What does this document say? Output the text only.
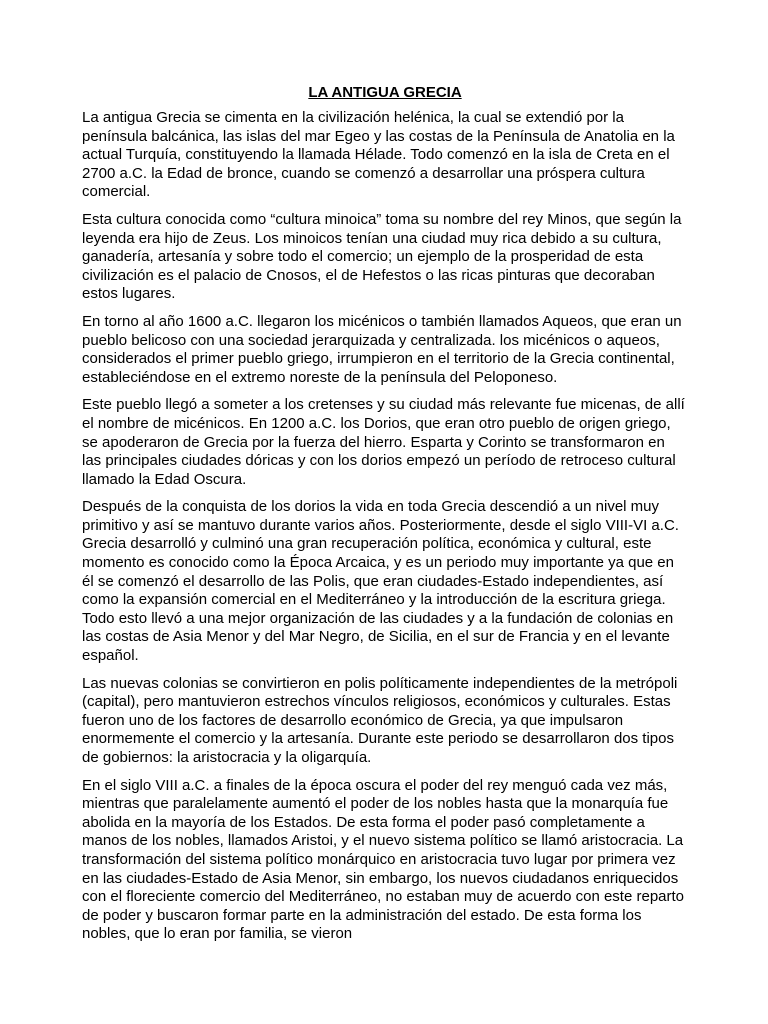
LA ANTIGUA GRECIA

La antigua Grecia se cimenta en la civilización helénica, la cual se extendió por la península balcánica, las islas del mar Egeo y las costas de la Península de Anatolia en la actual Turquía, constituyendo la llamada Hélade. Todo comenzó en la isla de Creta en el 2700 a.C. la Edad de bronce, cuando se comenzó a desarrollar una próspera cultura comercial.

Esta cultura conocida como “cultura minoica” toma su nombre del rey Minos, que según la leyenda era hijo de Zeus. Los minoicos tenían una ciudad muy rica debido a su cultura, ganadería, artesanía y sobre todo el comercio; un ejemplo de la prosperidad de esta civilización es el palacio de Cnosos, el de Hefestos o las ricas pinturas que decoraban estos lugares.

En torno al año 1600 a.C. llegaron los micénicos o también llamados Aqueos, que eran un pueblo belicoso con una sociedad jerarquizada y centralizada. los micénicos o aqueos, considerados el primer pueblo griego, irrumpieron en el territorio de la Grecia continental, estableciéndose en el extremo noreste de la península del Peloponeso.

Este pueblo llegó a someter a los cretenses y su ciudad más relevante fue micenas, de allí el nombre de micénicos. En 1200 a.C. los Dorios, que eran otro pueblo de origen griego, se apoderaron de Grecia por la fuerza del hierro. Esparta y Corinto se transformaron en las principales ciudades dóricas y con los dorios empezó un período de retroceso cultural llamado la Edad Oscura.

Después de la conquista de los dorios la vida en toda Grecia descendió a un nivel muy primitivo y así se mantuvo durante varios años. Posteriormente, desde el siglo VIII-VI a.C. Grecia desarrolló y culminó una gran recuperación política, económica y cultural, este momento es conocido como la Época Arcaica, y es un periodo muy importante ya que en él se comenzó el desarrollo de las Polis, que eran ciudades-Estado independientes, así como la expansión comercial en el Mediterráneo y la introducción de la escritura griega. Todo esto llevó a una mejor organización de las ciudades y a la fundación de colonias en las costas de Asia Menor y del Mar Negro, de Sicilia, en el sur de Francia y en el levante español.

Las nuevas colonias se convirtieron en polis políticamente independientes de la metrópoli (capital), pero mantuvieron estrechos vínculos religiosos, económicos y culturales. Estas fueron uno de los factores de desarrollo económico de Grecia, ya que impulsaron enormemente el comercio y la artesanía. Durante este periodo se desarrollaron dos tipos de gobiernos: la aristocracia y la oligarquía.

En el siglo VIII a.C. a finales de la época oscura el poder del rey menguó cada vez más, mientras que paralelamente aumentó el poder de los nobles hasta que la monarquía fue abolida en la mayoría de los Estados. De esta forma el poder pasó completamente a manos de los nobles, llamados Aristoi, y el nuevo sistema político se llamó aristocracia. La transformación del sistema político monárquico en aristocracia tuvo lugar por primera vez en las ciudades-Estado de Asia Menor, sin embargo, los nuevos ciudadanos enriquecidos con el floreciente comercio del Mediterráneo, no estaban muy de acuerdo con este reparto de poder y buscaron formar parte en la administración del estado. De esta forma los nobles, que lo eran por familia, se vieron
